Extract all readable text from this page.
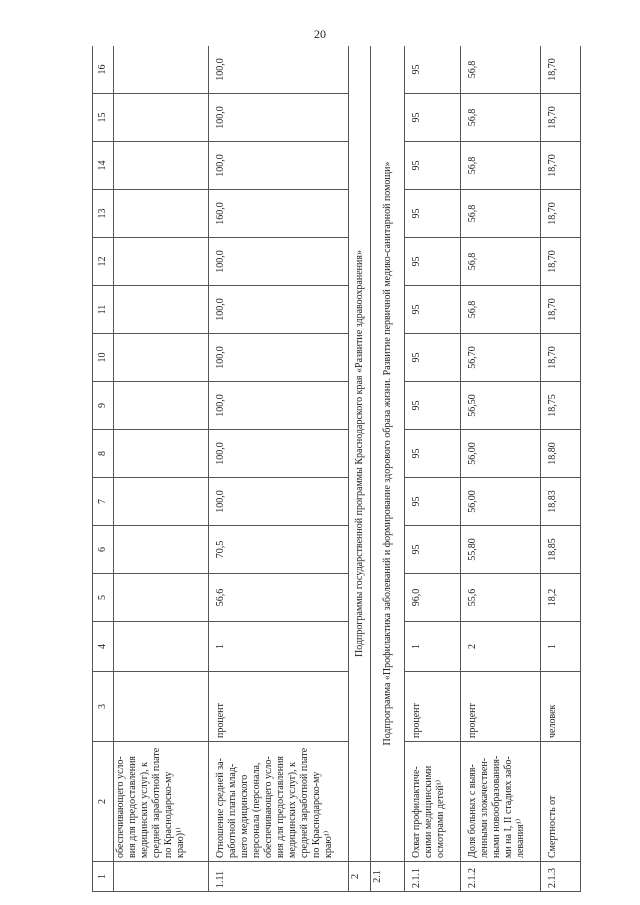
20
1	2	3	4	5	6	7	8	9	10	11	12	13	14	15	16
	обеспечивающего усло-вия для предоставления медицинских услуг), к средней заработной плате по Краснодарско-му краю)¹⁾														
1.11	Отношение средней за-работной платы млад-шего медицинского персонала (персонала, обеспечивающего усло-вия для предоставления медицинских услуг), к средней заработной плате по Краснодарско-му краю¹⁾	процент	1	56,6	70,5	100,0	100,0	100,0	100,0	100,0	100,0	160,0	100,0	100,0	100,0
2	Подпрограммы государственной программы Краснодарского края «Развитие здравоохранения»														
2.1	Подпрограмма «Профилактика заболеваний и формирование здорового образа жизни. Развитие первичной медико-санитарной помощи»														
2.1.1	Охват профилактиче-скими медицинскими осмотрами детей¹⁾	процент	1	96,0	95	95	95	95	95	95	95	95	95	95	95
2.1.2	Доля больных с выяв-ленными злокачествен-ными новообразования-ми на I, II стадиях забо-левания¹⁾	процент	2	55,6	55,80	56,00	56,00	56,50	56,70	56,8	56,8	56,8	56,8	56,8	56,8
2.1.3	Смертность от	человек	1	18,2	18,85	18,83	18,80	18,75	18,70	18,70	18,70	18,70	18,70	18,70	18,70
